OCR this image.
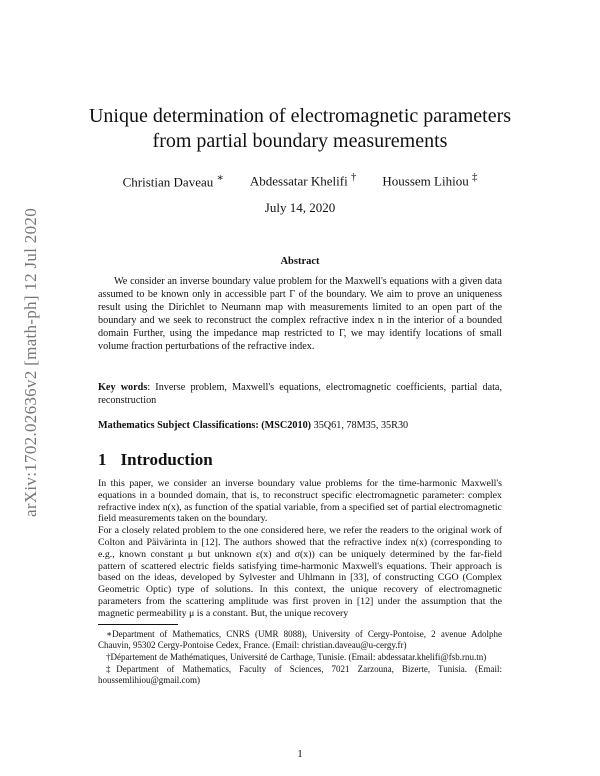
arXiv:1702.02636v2 [math-ph] 12 Jul 2020
Unique determination of electromagnetic parameters
from partial boundary measurements
Christian Daveau ∗ Abdessatar Khelifi † Houssem Lihiou ‡
July 14, 2020
Abstract

We consider an inverse boundary value problem for the Maxwell's equations with a given data assumed to be known only in accessible part Γ of the boundary. We aim to prove an uniqueness result using the Dirichlet to Neumann map with measurements limited to an open part of the boundary and we seek to reconstruct the complex refractive index n in the interior of a bounded domain Further, using the impedance map restricted to Γ, we may identify locations of small volume fraction perturbations of the refractive index.

Key words: Inverse problem, Maxwell's equations, electromagnetic coefficients, partial data, reconstruction

Mathematics Subject Classifications: (MSC2010) 35Q61, 78M35, 35R30

1 Introduction

In this paper, we consider an inverse boundary value problems for the time-harmonic Maxwell's equations in a bounded domain, that is, to reconstruct specific electromagnetic parameter: complex refractive index n(x), as function of the spatial variable, from a specified set of partial electromagnetic field measurements taken on the boundary.

For a closely related problem to the one considered here, we refer the readers to the original work of Colton and Päivärinta in [12]. The authors showed that the refractive index n(x) (corresponding to e.g., known constant μ but unknown ε(x) and σ(x)) can be uniquely determined by the far-field pattern of scattered electric fields satisfying time-harmonic Maxwell's equations. Their approach is based on the ideas, developed by Sylvester and Uhlmann in [33], of constructing CGO (Complex Geometric Optic) type of solutions. In this context, the unique recovery of electromagnetic parameters from the scattering amplitude was first proven in [12] under the assumption that the magnetic permeability μ is a constant. But, the unique recovery

∗Department of Mathematics, CNRS (UMR 8088), University of Cergy-Pontoise, 2 avenue Adolphe Chauvin, 95302 Cergy-Pontoise Cedex, France. (Email: christian.daveau@u-cergy.fr)

†Département de Mathématiques, Université de Carthage, Tunisie. (Email: abdessatar.khelifi@fsb.rnu.tn)

‡Department of Mathematics, Faculty of Sciences, 7021 Zarzouna, Bizerte, Tunisia. (Email: houssemlihiou@gmail.com)

1
